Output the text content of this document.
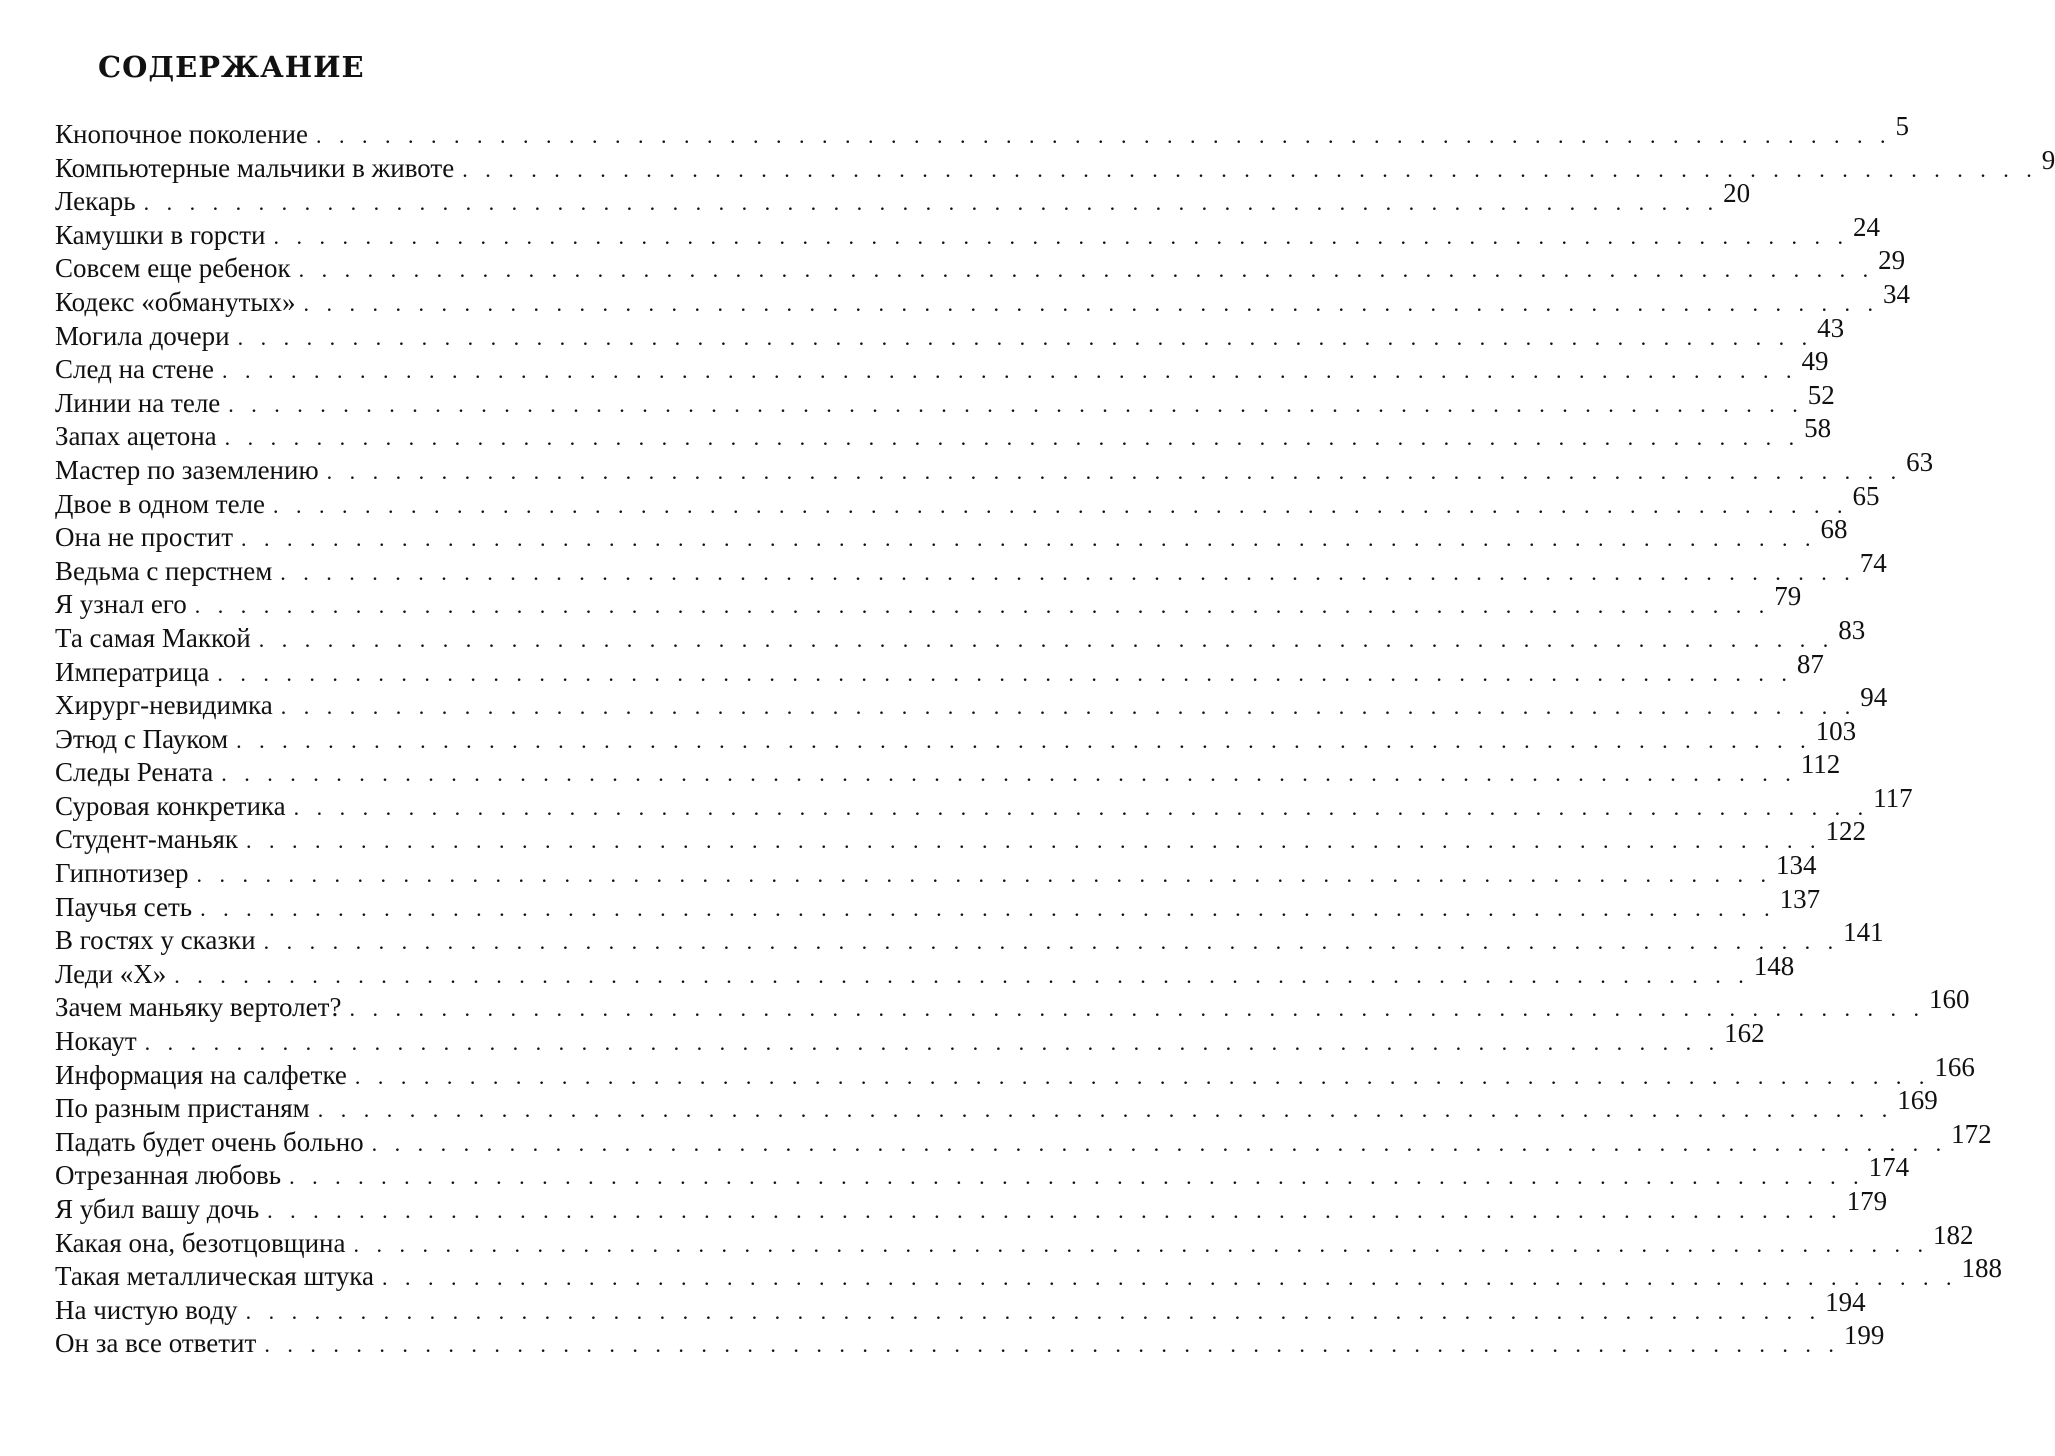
СОДЕРЖАНИЕ
Кнопочное поколение . . . . . . . . . . . . . . . . . . . . . . . . . . . . . . . . . . . . . . . . . . . . . . . . . . . . . . . . . . . . . . . . . . . . . 5
Компьютерные мальчики в животе . . . . . . . . . . . . . . . . . . . . . . . . . . . . . . . . . . . . . . . . . . . . . . . . . . . . . . . . . . . . . . . . . . . . . 9
Лекарь . . . . . . . . . . . . . . . . . . . . . . . . . . . . . . . . . . . . . . . . . . . . . . . . . . . . . . . . . . . . . . . . . . . . . 20
Камушки в горсти . . . . . . . . . . . . . . . . . . . . . . . . . . . . . . . . . . . . . . . . . . . . . . . . . . . . . . . . . . . . . . . . . . . . . 24
Совсем еще ребенок . . . . . . . . . . . . . . . . . . . . . . . . . . . . . . . . . . . . . . . . . . . . . . . . . . . . . . . . . . . . . . . . . . . . . 29
Кодекс «обманутых» . . . . . . . . . . . . . . . . . . . . . . . . . . . . . . . . . . . . . . . . . . . . . . . . . . . . . . . . . . . . . . . . . . . . . 34
Могила дочери . . . . . . . . . . . . . . . . . . . . . . . . . . . . . . . . . . . . . . . . . . . . . . . . . . . . . . . . . . . . . . . . . . . . . 43
След на стене . . . . . . . . . . . . . . . . . . . . . . . . . . . . . . . . . . . . . . . . . . . . . . . . . . . . . . . . . . . . . . . . . . . . . 49
Линии на теле . . . . . . . . . . . . . . . . . . . . . . . . . . . . . . . . . . . . . . . . . . . . . . . . . . . . . . . . . . . . . . . . . . . . . 52
Запах ацетона . . . . . . . . . . . . . . . . . . . . . . . . . . . . . . . . . . . . . . . . . . . . . . . . . . . . . . . . . . . . . . . . . . . . . 58
Мастер по заземлению . . . . . . . . . . . . . . . . . . . . . . . . . . . . . . . . . . . . . . . . . . . . . . . . . . . . . . . . . . . . . . . . . . . . . 63
Двое в одном теле . . . . . . . . . . . . . . . . . . . . . . . . . . . . . . . . . . . . . . . . . . . . . . . . . . . . . . . . . . . . . . . . . . . . . 65
Она не простит . . . . . . . . . . . . . . . . . . . . . . . . . . . . . . . . . . . . . . . . . . . . . . . . . . . . . . . . . . . . . . . . . . . . . 68
Ведьма с перстнем . . . . . . . . . . . . . . . . . . . . . . . . . . . . . . . . . . . . . . . . . . . . . . . . . . . . . . . . . . . . . . . . . . . . . 74
Я узнал его . . . . . . . . . . . . . . . . . . . . . . . . . . . . . . . . . . . . . . . . . . . . . . . . . . . . . . . . . . . . . . . . . . . . . 79
Та самая Маккой . . . . . . . . . . . . . . . . . . . . . . . . . . . . . . . . . . . . . . . . . . . . . . . . . . . . . . . . . . . . . . . . . . . . . 83
Императрица . . . . . . . . . . . . . . . . . . . . . . . . . . . . . . . . . . . . . . . . . . . . . . . . . . . . . . . . . . . . . . . . . . . . . 87
Хирург-невидимка . . . . . . . . . . . . . . . . . . . . . . . . . . . . . . . . . . . . . . . . . . . . . . . . . . . . . . . . . . . . . . . . . . . . . 94
Этюд с Пауком . . . . . . . . . . . . . . . . . . . . . . . . . . . . . . . . . . . . . . . . . . . . . . . . . . . . . . . . . . . . . . . . . . . . . 103
Следы Рената . . . . . . . . . . . . . . . . . . . . . . . . . . . . . . . . . . . . . . . . . . . . . . . . . . . . . . . . . . . . . . . . . . . . . 112
Суровая конкретика . . . . . . . . . . . . . . . . . . . . . . . . . . . . . . . . . . . . . . . . . . . . . . . . . . . . . . . . . . . . . . . . . . . . . 117
Студент-маньяк . . . . . . . . . . . . . . . . . . . . . . . . . . . . . . . . . . . . . . . . . . . . . . . . . . . . . . . . . . . . . . . . . . . . . 122
Гипнотизер . . . . . . . . . . . . . . . . . . . . . . . . . . . . . . . . . . . . . . . . . . . . . . . . . . . . . . . . . . . . . . . . . . . . . 134
Паучья сеть . . . . . . . . . . . . . . . . . . . . . . . . . . . . . . . . . . . . . . . . . . . . . . . . . . . . . . . . . . . . . . . . . . . . . 137
В гостях у сказки . . . . . . . . . . . . . . . . . . . . . . . . . . . . . . . . . . . . . . . . . . . . . . . . . . . . . . . . . . . . . . . . . . . . . 141
Леди «Х» . . . . . . . . . . . . . . . . . . . . . . . . . . . . . . . . . . . . . . . . . . . . . . . . . . . . . . . . . . . . . . . . . . . . . 148
Зачем маньяку вертолет? . . . . . . . . . . . . . . . . . . . . . . . . . . . . . . . . . . . . . . . . . . . . . . . . . . . . . . . . . . . . . . . . . . . . . 160
Нокаут . . . . . . . . . . . . . . . . . . . . . . . . . . . . . . . . . . . . . . . . . . . . . . . . . . . . . . . . . . . . . . . . . . . . . 162
Информация на салфетке . . . . . . . . . . . . . . . . . . . . . . . . . . . . . . . . . . . . . . . . . . . . . . . . . . . . . . . . . . . . . . . . . . . . . 166
По разным пристаням . . . . . . . . . . . . . . . . . . . . . . . . . . . . . . . . . . . . . . . . . . . . . . . . . . . . . . . . . . . . . . . . . . . . . 169
Падать будет очень больно . . . . . . . . . . . . . . . . . . . . . . . . . . . . . . . . . . . . . . . . . . . . . . . . . . . . . . . . . . . . . . . . . . . . . 172
Отрезанная любовь . . . . . . . . . . . . . . . . . . . . . . . . . . . . . . . . . . . . . . . . . . . . . . . . . . . . . . . . . . . . . . . . . . . . . 174
Я убил вашу дочь . . . . . . . . . . . . . . . . . . . . . . . . . . . . . . . . . . . . . . . . . . . . . . . . . . . . . . . . . . . . . . . . . . . . . 179
Какая она, безотцовщина . . . . . . . . . . . . . . . . . . . . . . . . . . . . . . . . . . . . . . . . . . . . . . . . . . . . . . . . . . . . . . . . . . . . . 182
Такая металлическая штука . . . . . . . . . . . . . . . . . . . . . . . . . . . . . . . . . . . . . . . . . . . . . . . . . . . . . . . . . . . . . . . . . . . . . 188
На чистую воду . . . . . . . . . . . . . . . . . . . . . . . . . . . . . . . . . . . . . . . . . . . . . . . . . . . . . . . . . . . . . . . . . . . . . 194
Он за все ответит . . . . . . . . . . . . . . . . . . . . . . . . . . . . . . . . . . . . . . . . . . . . . . . . . . . . . . . . . . . . . . . . . . . . . 199
